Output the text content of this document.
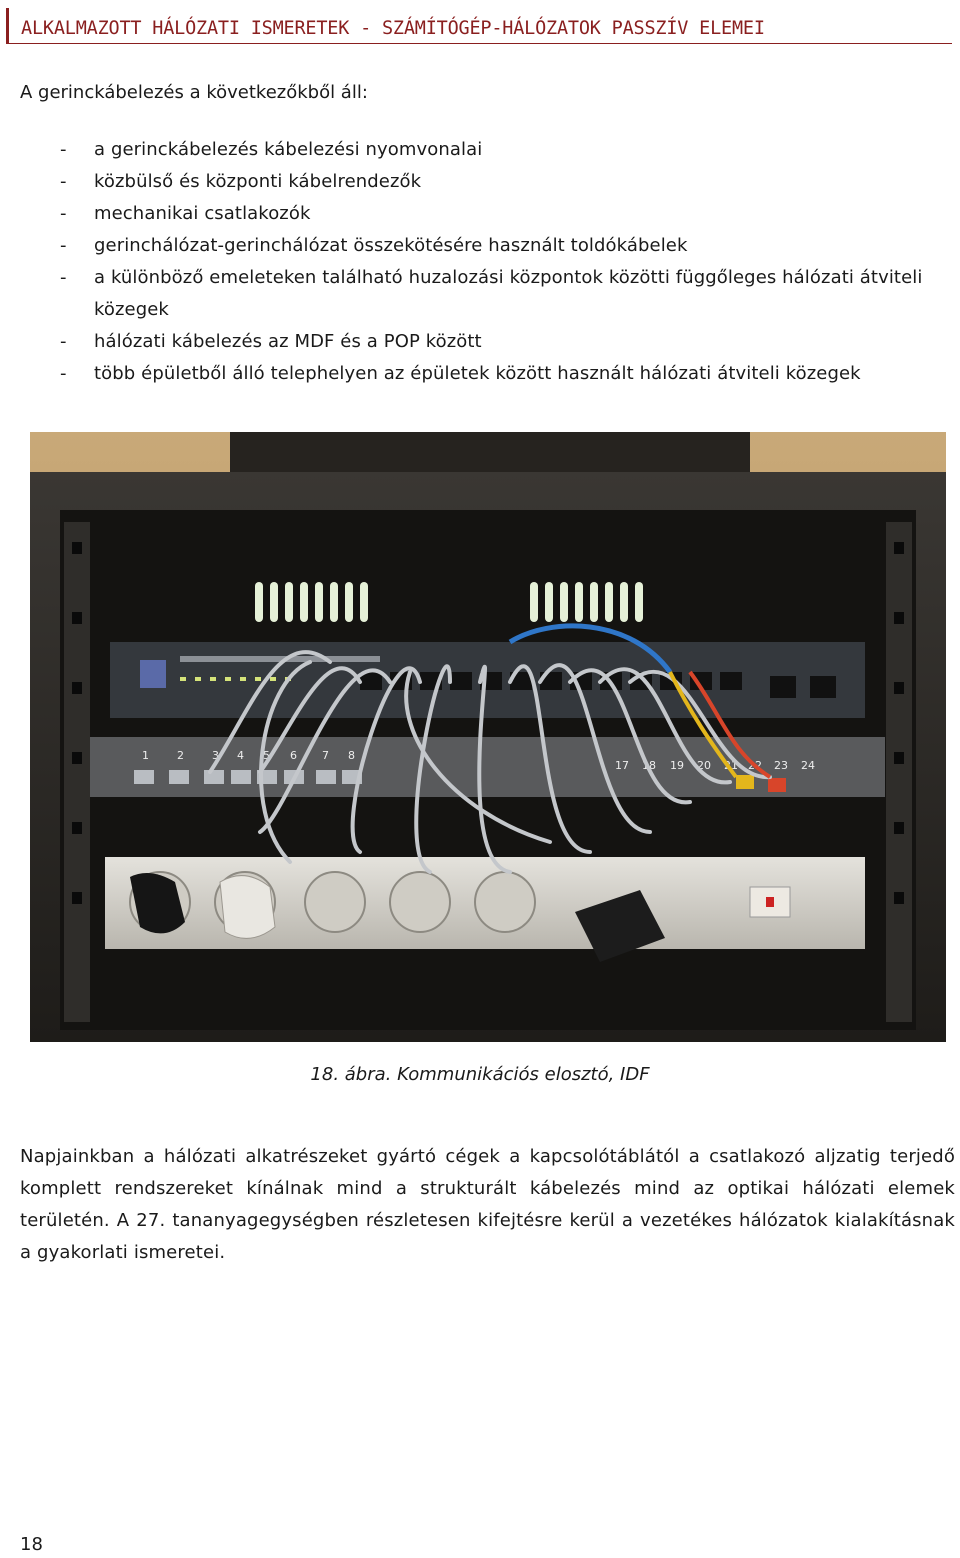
ALKALMAZOTT HÁLÓZATI ISMERETEK - SZÁMÍTÓGÉP-HÁLÓZATOK PASSZÍV ELEMEI
A gerinckábelezés a következőkből áll:
- a gerinckábelezés kábelezési nyomvonalai
- közbülső és központi kábelrendezők
- mechanikai csatlakozók
- gerinchálózat-gerinchálózat összekötésére használt toldókábelek
- a különböző emeleteken található huzalozási központok közötti függőleges hálózati átviteli közegek
- hálózati kábelezés az MDF és a POP között
- több épületből álló telephelyen az épületek között használt hálózati átviteli közegek
1	2	3 4 5 6 7 8
17 18 19 20 21 22 23 24
18. ábra. Kommunikációs elosztó, IDF
Napjainkban a hálózati alkatrészeket gyártó cégek a kapcsolótáblától a csatlakozó aljzatig terjedő komplett rendszereket kínálnak mind a strukturált kábelezés mind az optikai hálózati elemek területén. A 27. tananyagegységben részletesen kifejtésre kerül a vezetékes hálózatok kialakításnak a gyakorlati ismeretei.
18
